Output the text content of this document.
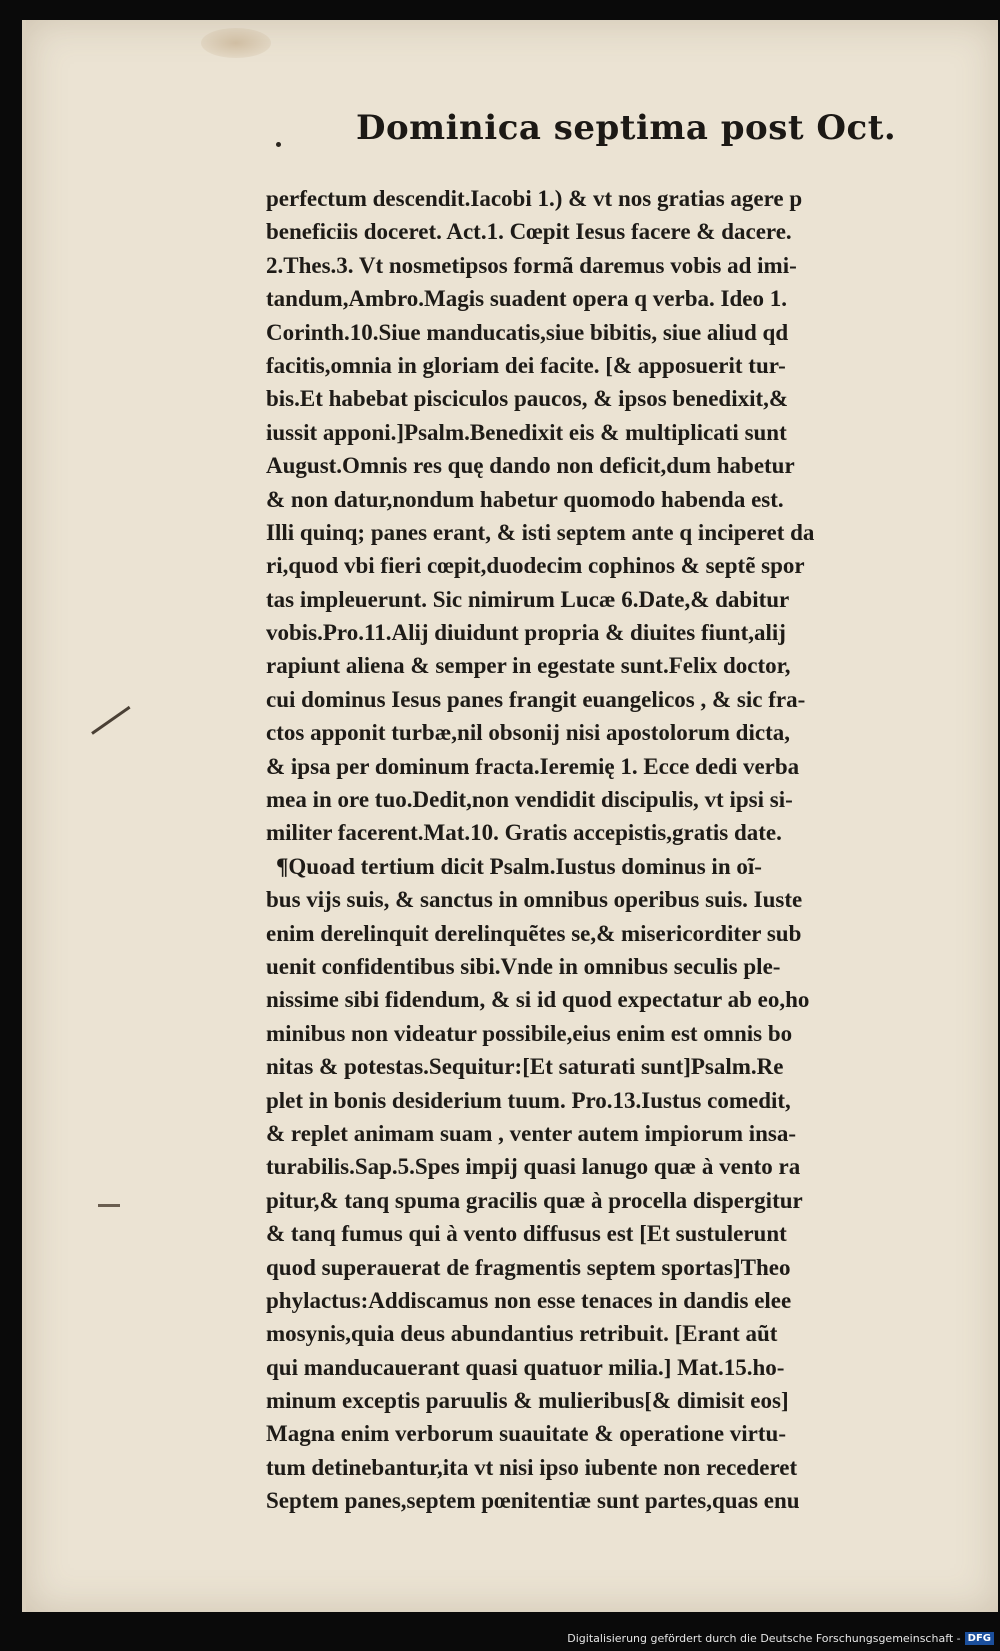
Dominica septima post Oct.
perfectum descendit.Iacobi 1.) & vt nos gratias agere p
beneficiis doceret. Act.1. Cœpit Iesus facere & dacere.
2.Thes.3. Vt nosmetipsos formã daremus vobis ad imi-
tandum,Ambro.Magis suadent opera q verba. Ideo 1.
Corinth.10.Siue manducatis,siue bibitis, siue aliud qd
facitis,omnia in gloriam dei facite. [& apposuerit tur-
bis.Et habebat pisciculos paucos, & ipsos benedixit,&
iussit apponi.]Psalm.Benedixit eis & multiplicati sunt
August.Omnis res quę dando non deficit,dum habetur
& non datur,nondum habetur quomodo habenda est.
Illi quinq; panes erant, & isti septem ante q inciperet da
ri,quod vbi fieri cœpit,duodecim cophinos & septẽ spor
tas impleuerunt. Sic nimirum Lucæ 6.Date,& dabitur
vobis.Pro.11.Alij diuidunt propria & diuites fiunt,alij
rapiunt aliena & semper in egestate sunt.Felix doctor,
cui dominus Iesus panes frangit euangelicos , & sic fra-
ctos apponit turbæ,nil obsonij nisi apostolorum dicta,
& ipsa per dominum fracta.Ieremię 1. Ecce dedi verba
mea in ore tuo.Dedit,non vendidit discipulis, vt ipsi si-
militer facerent.Mat.10. Gratis accepistis,gratis date.
¶Quoad tertium dicit Psalm.Iustus dominus in oĩ-
bus vijs suis, & sanctus in omnibus operibus suis. Iuste
enim derelinquit derelinquẽtes se,& misericorditer sub
uenit confidentibus sibi.Vnde in omnibus seculis ple-
nissime sibi fidendum, & si id quod expectatur ab eo,ho
minibus non videatur possibile,eius enim est omnis bo
nitas & potestas.Sequitur:[Et saturati sunt]Psalm.Re
plet in bonis desiderium tuum. Pro.13.Iustus comedit,
& replet animam suam , venter autem impiorum insa-
turabilis.Sap.5.Spes impij quasi lanugo quæ à vento ra
pitur,& tanq spuma gracilis quæ à procella dispergitur
& tanq fumus qui à vento diffusus est [Et sustulerunt
quod superauerat de fragmentis septem sportas]Theo
phylactus:Addiscamus non esse tenaces in dandis elee
mosynis,quia deus abundantius retribuit. [Erant aũt
qui manducauerant quasi quatuor milia.] Mat.15.ho-
minum exceptis paruulis & mulieribus[& dimisit eos]
Magna enim verborum suauitate & operatione virtu-
tum detinebantur,ita vt nisi ipso iubente non recederet
Septem panes,septem pœnitentiæ sunt partes,quas enu
Digitalisierung gefördert durch die Deutsche Forschungsgemeinschaft - DFG
